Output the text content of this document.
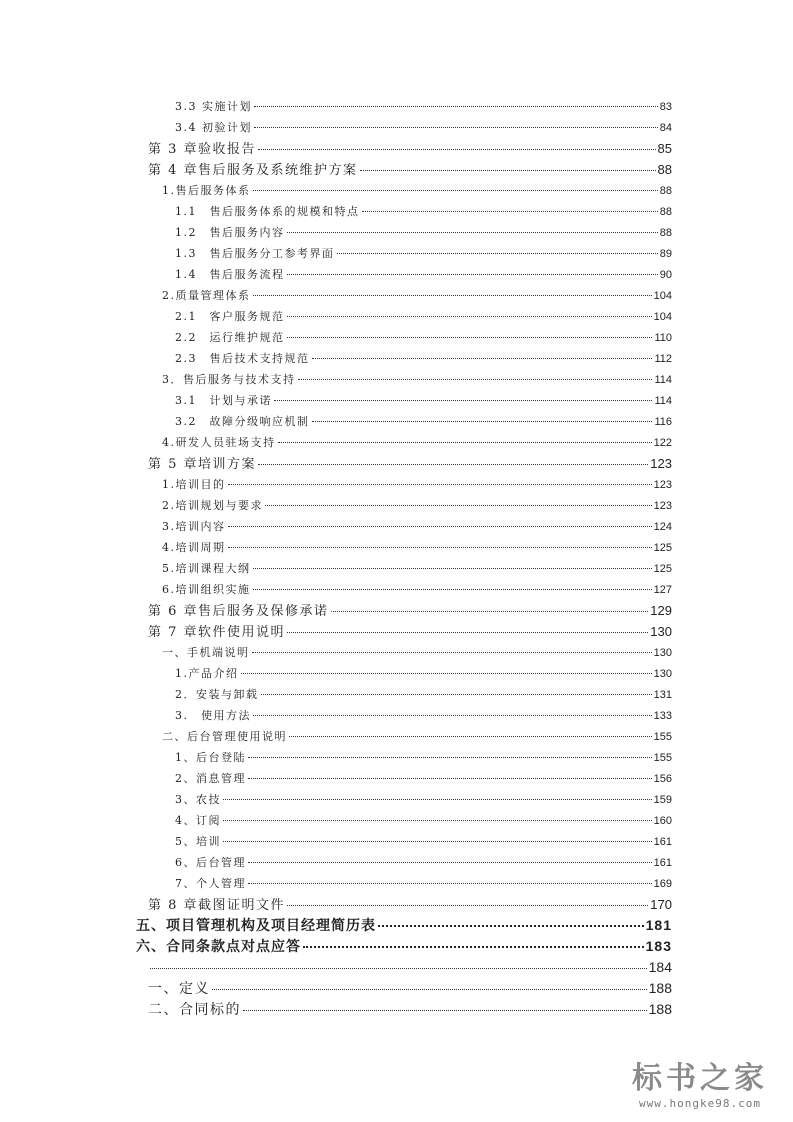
3.3 实施计划	83
3.4 初验计划	84
第 3 章验收报告	85
第 4 章售后服务及系统维护方案	88
1.售后服务体系	88
1.1　售后服务体系的规模和特点	88
1.2　售后服务内容	88
1.3　售后服务分工参考界面	89
1.4　售后服务流程	90
2.质量管理体系	104
2.1　客户服务规范	104
2.2　运行维护规范	110
2.3　售后技术支持规范	112
3．售后服务与技术支持	114
3.1　计划与承诺	114
3.2　故障分级响应机制	116
4.研发人员驻场支持	122
第 5 章培训方案	123
1.培训目的	123
2.培训规划与要求	123
3.培训内容	124
4.培训周期	125
5.培训课程大纲	125
6.培训组织实施	127
第 6 章售后服务及保修承诺	129
第 7 章软件使用说明	130
一、手机端说明	130
1.产品介绍	130
2．安装与卸载	131
3.　使用方法	133
二、后台管理使用说明	155
1、后台登陆	155
2、消息管理	156
3、农技	159
4、订阅	160
5、培训	161
6、后台管理	161
7、个人管理	169
第 8 章截图证明文件	170
五、项目管理机构及项目经理简历表	181
六、合同条款点对点应答	183
184
一、定义	188
二、合同标的	188
标书之家
www.hongke98.com
